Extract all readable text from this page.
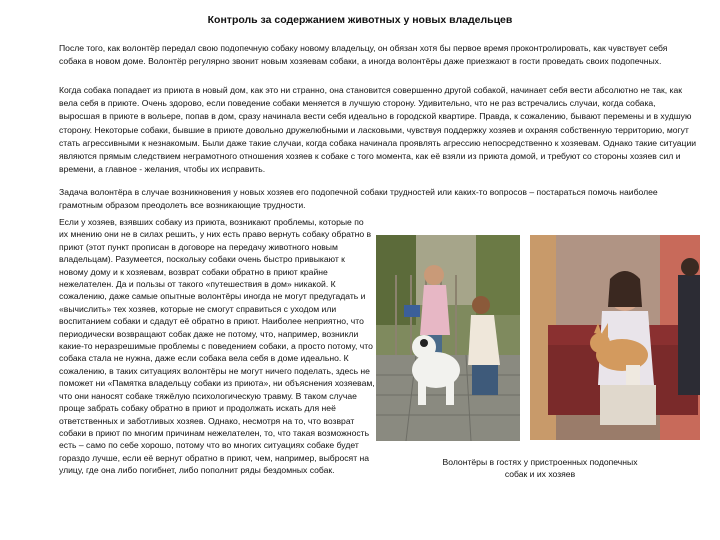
Контроль за содержанием животных у новых владельцев

После того, как волонтёр передал свою подопечную собаку новому владельцу, он обязан хотя бы первое время проконтролировать, как чувствует себя собака в новом доме. Волонтёр регулярно звонит новым хозяевам собаки, а иногда волонтёры даже приезжают в гости проведать своих подопечных.

Когда собака попадает из приюта в новый дом, как это ни странно, она становится совершенно другой собакой, начинает себя вести абсолютно не так, как вела себя в приюте. Очень здорово, если поведение собаки меняется в лучшую сторону. Удивительно, что не раз встречались случаи, когда собака, выросшая в приюте в вольере, попав в дом, сразу начинала вести себя идеально в городской квартире. Правда, к сожалению, бывают перемены и в худшую сторону. Некоторые собаки, бывшие в приюте довольно дружелюбными и ласковыми, чувствуя поддержку хозяев и охраняя собственную территорию, могут стать агрессивными к незнакомым. Были даже такие случаи, когда собака начинала проявлять агрессию непосредственно к хозяевам. Однако такие ситуации являются прямым следствием неграмотного отношения хозяев к собаке с того момента, как её взяли из приюта домой, и требуют со стороны хозяев сил и времени, а главное - желания, чтобы их исправить.

Задача волонтёра в случае возникновения у новых хозяев его подопечной собаки трудностей или каких-то вопросов – постараться помочь наиболее грамотным образом преодолеть все возникающие трудности.

Если у хозяев, взявших собаку из приюта, возникают проблемы, которые по их мнению они не в силах решить, у них есть право вернуть собаку обратно в приют (этот пункт прописан в договоре на передачу животного новым владельцам). Разумеется, поскольку собаки очень быстро привыкают к новому дому и к хозяевам, возврат собаки обратно в приют крайне нежелателен. Да и пользы от такого «путешествия в дом» никакой. К сожалению, даже самые опытные волонтёры иногда не могут предугадать и «вычислить» тех хозяев, которые не смогут справиться с уходом или воспитанием собаки и сдадут её обратно в приют. Наиболее неприятно, что периодически возвращают собак даже не потому, что, например, возникли какие-то неразрешимые проблемы с поведением собаки, а просто потому, что собака стала не нужна, даже если собака вела себя в доме идеально. К сожалению, в таких ситуациях волонтёры не могут ничего поделать, здесь не поможет ни «Памятка владельцу собаки из приюта», ни объяснения хозяевам, что они наносят собаке тяжёлую психологическую травму. В таком случае проще забрать собаку обратно в приют и продолжать искать для неё ответственных и заботливых хозяев. Однако, несмотря на то, что возврат собаки в приют по многим причинам нежелателен, то, что такая возможность есть – само по себе хорошо, потому что во многих ситуациях собаке будет гораздо лучше, если её вернут обратно в приют, чем, например, выбросят на улицу, где она либо погибнет, либо пополнит ряды бездомных собак.

Волонтёры в гостях у пристроенных подопечных собак и их хозяев
